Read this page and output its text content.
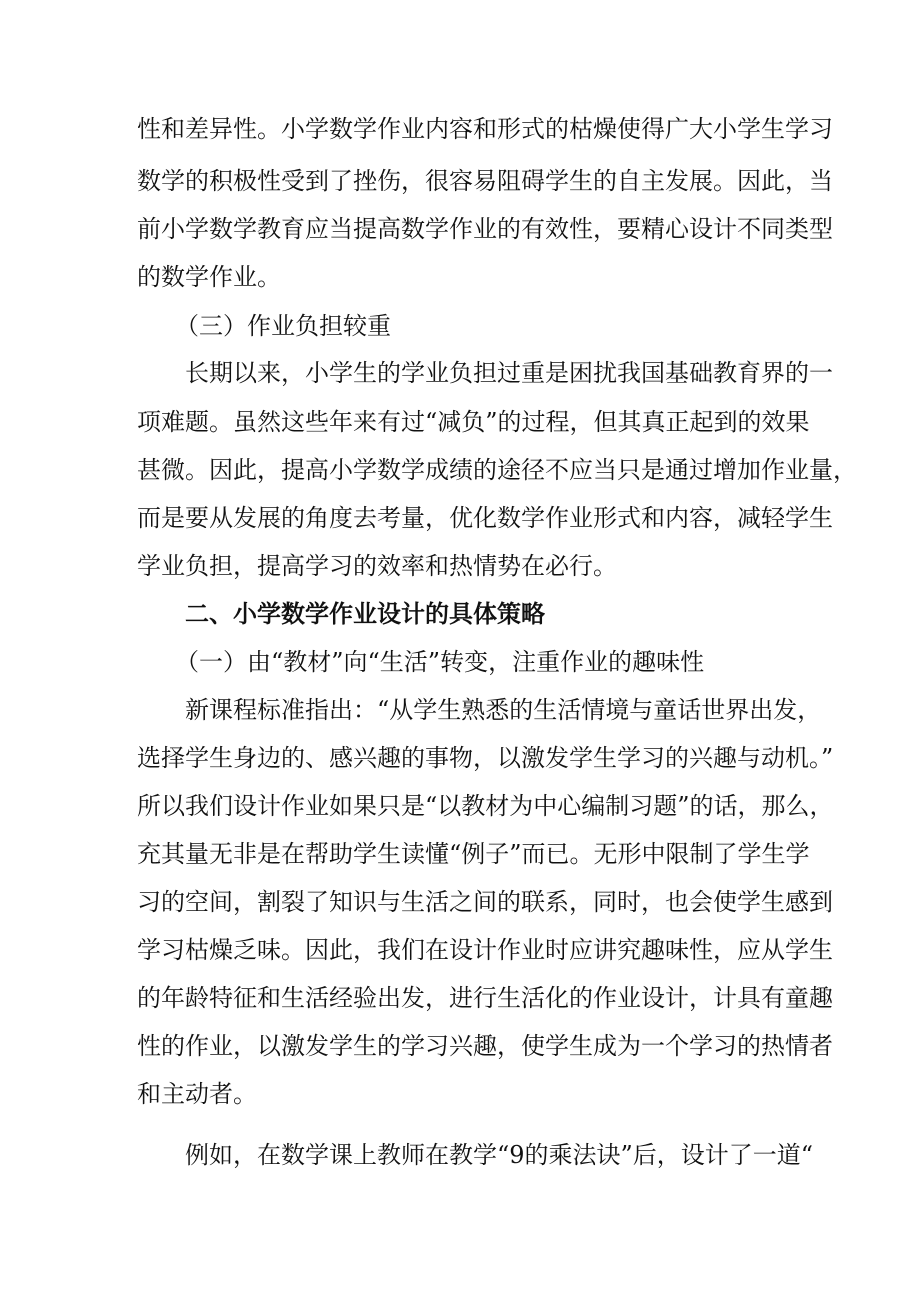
性和差异性。小学数学作业内容和形式的枯燥使得广大小学生学习
数学的积极性受到了挫伤，很容易阻碍学生的自主发展。因此，当
前小学数学教育应当提高数学作业的有效性，要精心设计不同类型
的数学作业。
（三）作业负担较重
长期以来，小学生的学业负担过重是困扰我国基础教育界的一
项难题。虽然这些年来有过“减负”的过程，但其真正起到的效果
甚微。因此，提高小学数学成绩的途径不应当只是通过增加作业量，
而是要从发展的角度去考量，优化数学作业形式和内容，减轻学生
学业负担，提高学习的效率和热情势在必行。
二、小学数学作业设计的具体策略
（一）由“教材”向“生活”转变，注重作业的趣味性
新课程标准指出：“从学生熟悉的生活情境与童话世界出发，
选择学生身边的、感兴趣的事物，以激发学生学习的兴趣与动机。”
所以我们设计作业如果只是“以教材为中心编制习题”的话，那么，
充其量无非是在帮助学生读懂“例子”而已。无形中限制了学生学
习的空间，割裂了知识与生活之间的联系，同时，也会使学生感到
学习枯燥乏味。因此，我们在设计作业时应讲究趣味性，应从学生
的年龄特征和生活经验出发，进行生活化的作业设计，计具有童趣
性的作业，以激发学生的学习兴趣，使学生成为一个学习的热情者
和主动者。
例如，在数学课上教师在教学“9的乘法诀”后，设计了一道“
